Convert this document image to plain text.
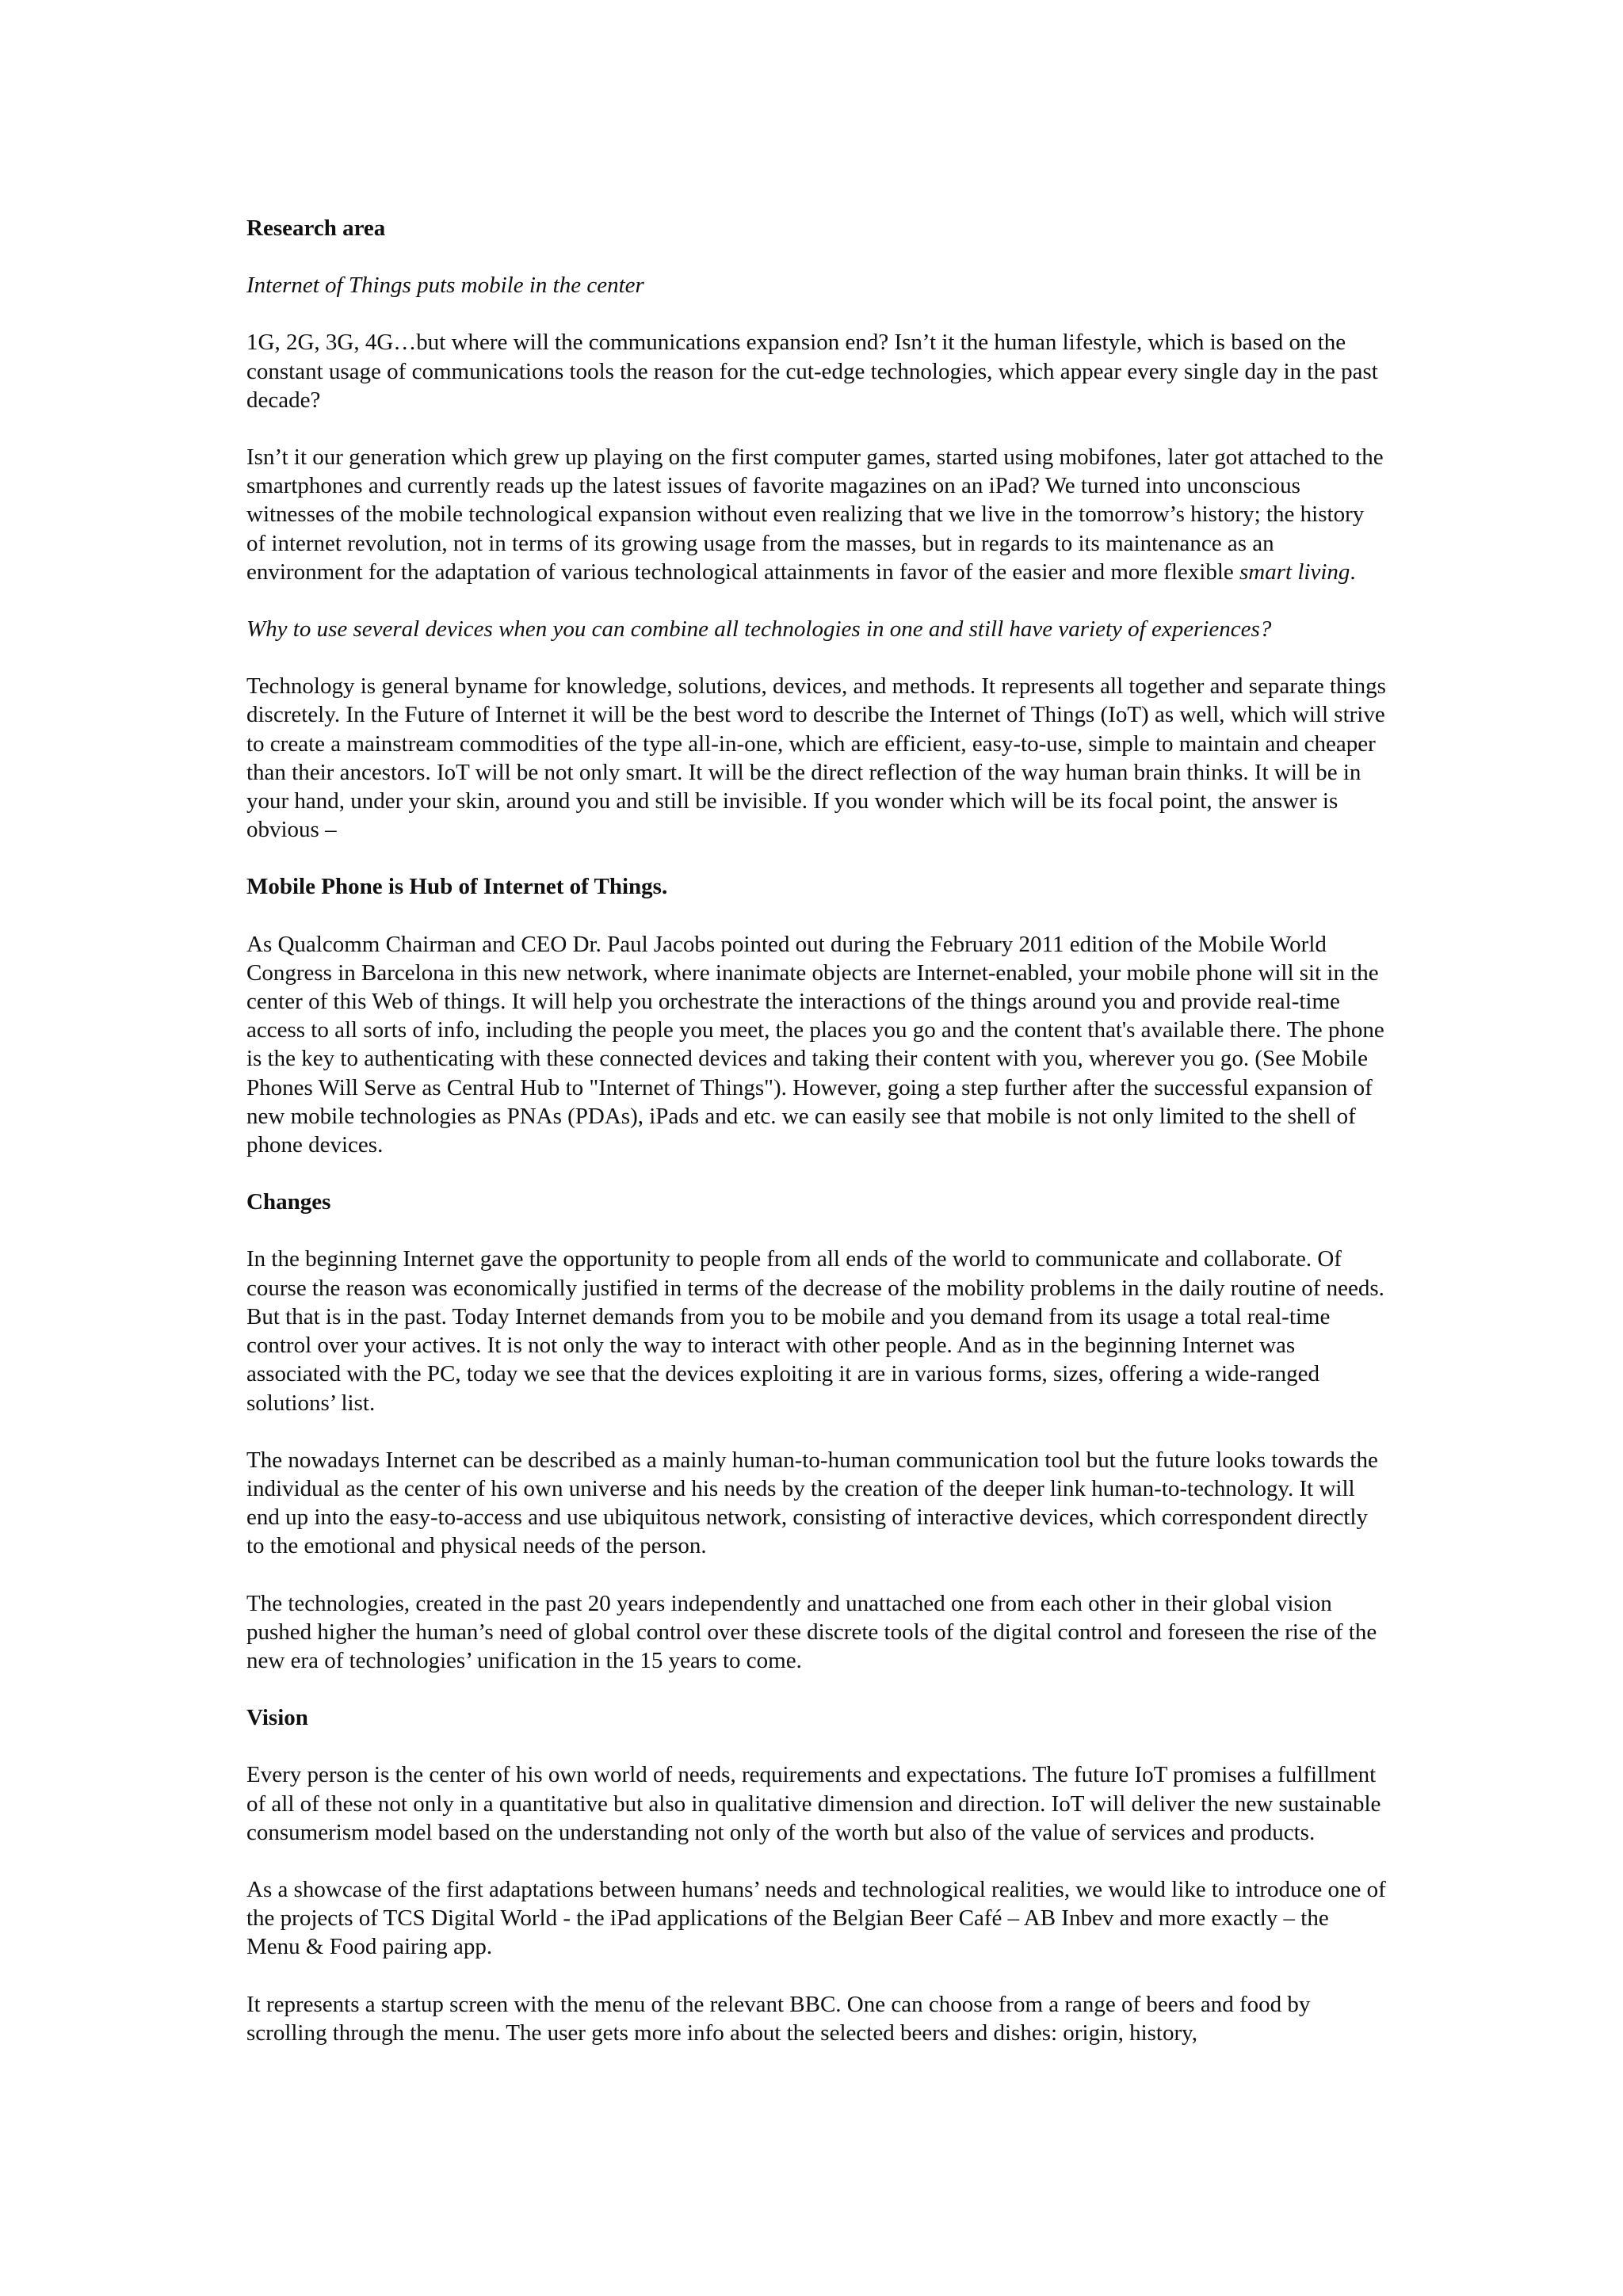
Research area
Internet of Things puts mobile in the center

1G, 2G, 3G, 4G…but where will the communications expansion end? Isn’t it the human lifestyle, which is based on the constant usage of communications tools the reason for the cut-edge technologies, which appear every single day in the past decade?

Isn’t it our generation which grew up playing on the first computer games, started using mobifones, later got attached to the smartphones and currently reads up the latest issues of favorite magazines on an iPad? We turned into unconscious witnesses of the mobile technological expansion without even realizing that we live in the tomorrow’s history; the history of internet revolution, not in terms of its growing usage from the masses, but in regards to its maintenance as an environment for the adaptation of various technological attainments in favor of the easier and more flexible smart living.

Why to use several devices when you can combine all technologies in one and still have variety of experiences?

Technology is general byname for knowledge, solutions, devices, and methods. It represents all together and separate things discretely. In the Future of Internet it will be the best word to describe the Internet of Things (IoT) as well, which will strive to create a mainstream commodities of the type all-in-one, which are efficient, easy-to-use, simple to maintain and cheaper than their ancestors. IoT will be not only smart. It will be the direct reflection of the way human brain thinks. It will be in your hand, under your skin, around you and still be invisible. If you wonder which will be its focal point, the answer is obvious –

Mobile Phone is Hub of Internet of Things.

As Qualcomm Chairman and CEO Dr. Paul Jacobs pointed out during the February 2011 edition of the Mobile World Congress in Barcelona in this new network, where inanimate objects are Internet-enabled, your mobile phone will sit in the center of this Web of things. It will help you orchestrate the interactions of the things around you and provide real-time access to all sorts of info, including the people you meet, the places you go and the content that's available there. The phone is the key to authenticating with these connected devices and taking their content with you, wherever you go. (See Mobile Phones Will Serve as Central Hub to "Internet of Things"). However, going a step further after the successful expansion of new mobile technologies as PNAs (PDAs), iPads and etc. we can easily see that mobile is not only limited to the shell of phone devices.

Changes

In the beginning Internet gave the opportunity to people from all ends of the world to communicate and collaborate. Of course the reason was economically justified in terms of the decrease of the mobility problems in the daily routine of needs. But that is in the past. Today Internet demands from you to be mobile and you demand from its usage a total real-time control over your actives. It is not only the way to interact with other people. And as in the beginning Internet was associated with the PC, today we see that the devices exploiting it are in various forms, sizes, offering a wide-ranged solutions’ list.

The nowadays Internet can be described as a mainly human-to-human communication tool but the future looks towards the individual as the center of his own universe and his needs by the creation of the deeper link human-to-technology. It will end up into the easy-to-access and use ubiquitous network, consisting of interactive devices, which correspondent directly to the emotional and physical needs of the person.

The technologies, created in the past 20 years independently and unattached one from each other in their global vision pushed higher the human’s need of global control over these discrete tools of the digital control and foreseen the rise of the new era of technologies’ unification in the 15 years to come.

Vision

Every person is the center of his own world of needs, requirements and expectations. The future IoT promises a fulfillment of all of these not only in a quantitative but also in qualitative dimension and direction. IoT will deliver the new sustainable consumerism model based on the understanding not only of the worth but also of the value of services and products.

As a showcase of the first adaptations between humans’ needs and technological realities, we would like to introduce one of the projects of TCS Digital World - the iPad applications of the Belgian Beer Café – AB Inbev and more exactly – the Menu & Food pairing app.

It represents a startup screen with the menu of the relevant BBC. One can choose from a range of beers and food by scrolling through the menu. The user gets more info about the selected beers and dishes: origin, history,
